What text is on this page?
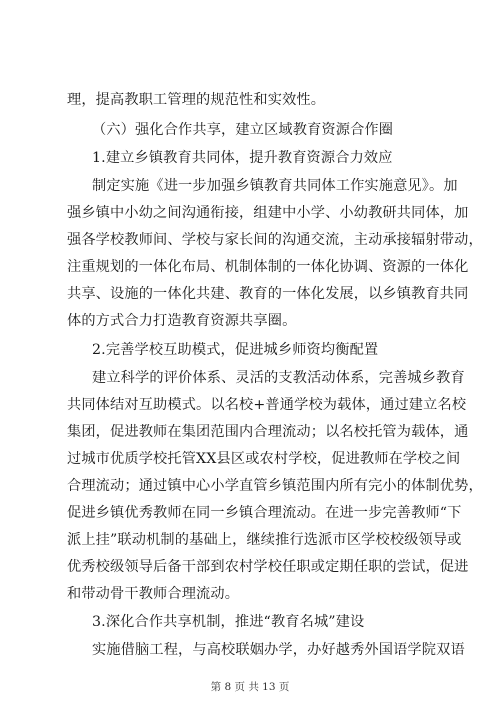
理，提高教职工管理的规范性和实效性。
（六）强化合作共享，建立区域教育资源合作圈
1.建立乡镇教育共同体，提升教育资源合力效应
制定实施《进一步加强乡镇教育共同体工作实施意见》。加
强乡镇中小幼之间沟通衔接，组建中小学、小幼教研共同体，加
强各学校教师间、学校与家长间的沟通交流，主动承接辐射带动，
注重规划的一体化布局、机制体制的一体化协调、资源的一体化
共享、设施的一体化共建、教育的一体化发展，以乡镇教育共同
体的方式合力打造教育资源共享圈。
2.完善学校互助模式，促进城乡师资均衡配置
建立科学的评价体系、灵活的支教活动体系，完善城乡教育
共同体结对互助模式。以名校+普通学校为载体，通过建立名校
集团，促进教师在集团范围内合理流动；以名校托管为载体，通
过城市优质学校托管XX县区或农村学校，促进教师在学校之间
合理流动；通过镇中心小学直管乡镇范围内所有完小的体制优势，
促进乡镇优秀教师在同一乡镇合理流动。在进一步完善教师“下
派上挂”联动机制的基础上，继续推行选派市区学校校级领导或
优秀校级领导后备干部到农村学校任职或定期任职的尝试，促进
和带动骨干教师合理流动。
3.深化合作共享机制，推进“教育名城”建设
实施借脑工程，与高校联姻办学，办好越秀外国语学院双语
第 8 页 共 13 页
